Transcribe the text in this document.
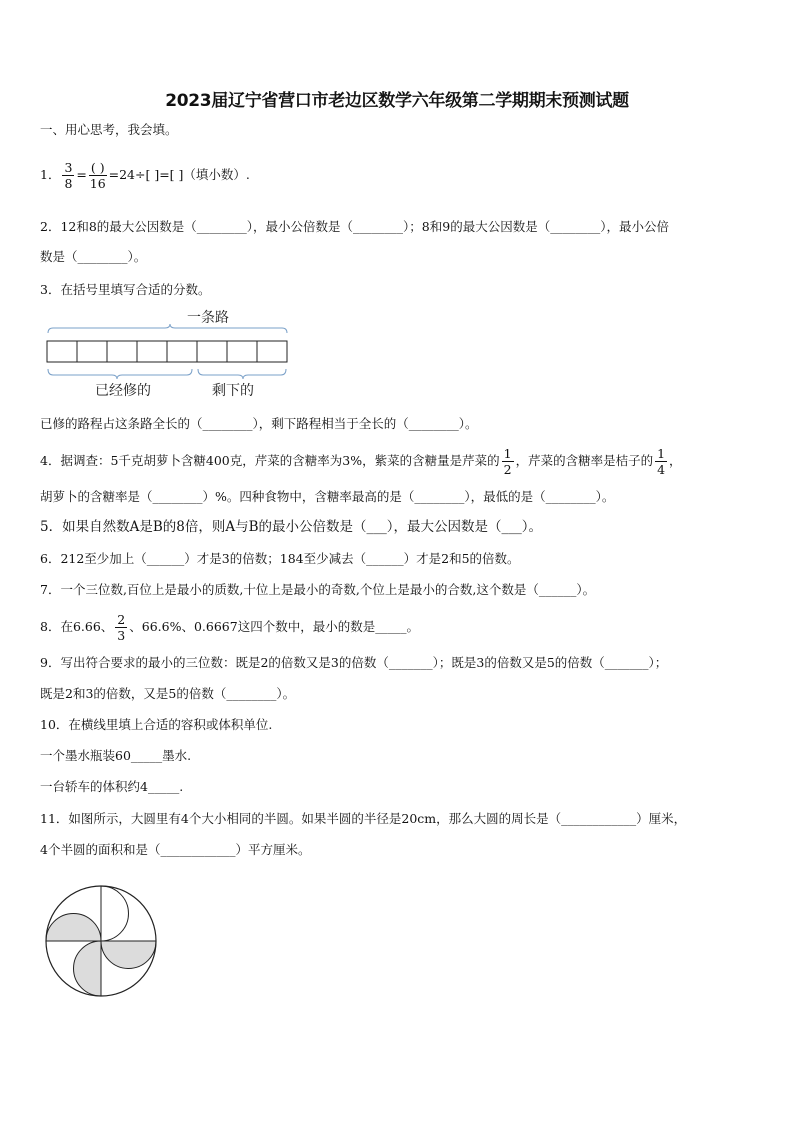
2023届辽宁省营口市老边区数学六年级第二学期期末预测试题
一、用心思考，我会填。
1． $\frac{3}{8} = \frac{( )}{16} =24\div$[ ]=[ ]（填小数）.
2．12和8的最大公因数是（________），最小公倍数是（________）；8和9的最大公因数是（________），最小公倍
数是（________）。
3．在括号里填写合适的分数。
一条路
已经修的	剩下的
已修的路程占这条路全长的（________），剩下路程相当于全长的（________）。
4．据调查：5千克胡萝卜含糖400克，芹菜的含糖率为3%，紫菜的含糖量是芹菜的 $\frac{1}{2}$ ，芹菜的含糖率是桔子的 $\frac{1}{4}$ ，
胡萝卜的含糖率是（________）%。四种食物中，含糖率最高的是（________），最低的是（________）。
5．如果自然数A是B的8倍，则A与B的最小公倍数是（___），最大公因数是（___）。
6．212至少加上（______）才是3的倍数；184至少减去（______）才是2和5的倍数。
7．一个三位数,百位上是最小的质数,十位上是最小的奇数,个位上是最小的合数,这个数是（______）。
8．在6.66、 $\frac{2}{3}$ 、66.6%、0.6667这四个数中，最小的数是_____。
9．写出符合要求的最小的三位数：既是2的倍数又是3的倍数（_______）；既是3的倍数又是5的倍数（_______）；
既是2和3的倍数，又是5的倍数（________）。
10．在横线里填上合适的容积或体积单位.
一个墨水瓶装60_____墨水.
一台轿车的体积约4_____.
11．如图所示，大圆里有4个大小相同的半圆。如果半圆的半径是20cm，那么大圆的周长是（____________）厘米，
4个半圆的面积和是（____________）平方厘米。
